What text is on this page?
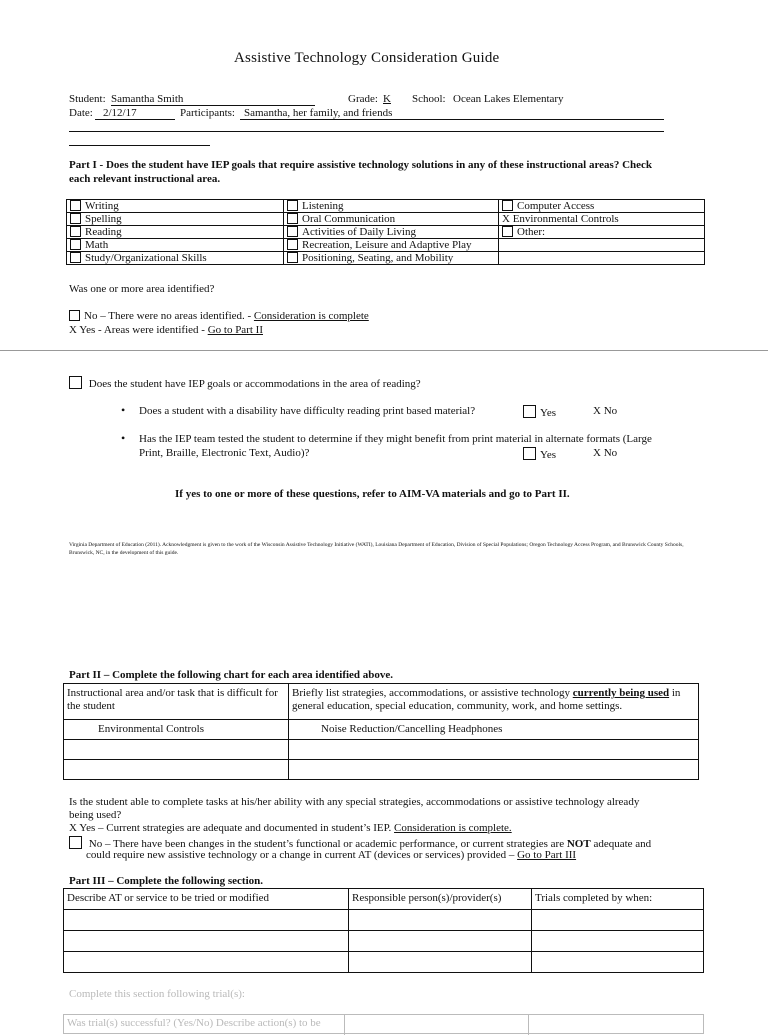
Assistive Technology Consideration Guide
Student: Samantha Smith	Grade: K School: Ocean Lakes Elementary
Date: 2/12/17	Participants: Samantha, her family, and friends
Part I - Does the student have IEP goals that require assistive technology solutions in any of these instructional areas? Check
each relevant instructional area.
Writing	Listening	Computer Access
Spelling	Oral Communication	X Environmental Controls
Reading	Activities of Daily Living	Other:
Math	Recreation, Leisure and Adaptive Play	
Study/Organizational Skills	Positioning, Seating, and Mobility	
Was one or more area identified?
No – There were no areas identified. - Consideration is complete
X Yes - Areas were identified - Go to Part II
Does the student have IEP goals or accommodations in the area of reading?
• Does a student with a disability have difficulty reading print based material?	Yes	X No
• Has the IEP team tested the student to determine if they might benefit from print material in alternate formats (Large
Print, Braille, Electronic Text, Audio)?	Yes	X No
If yes to one or more of these questions, refer to AIM-VA materials and go to Part II.
Virginia Department of Education (2011). Acknowledgment is given to the work of the Wisconsin Assistive Technology Initiative (WATI), Louisiana Department of Education, Division of Special Populations; Oregon Technology Access Program, and Brunswick County Schools, Brunswick, NC, in the development of this guide.
Part II – Complete the following chart for each area identified above.
Instructional area and/or task that is difficult for the student	Briefly list strategies, accommodations, or assistive technology currently being used in general education, special education, community, work, and home settings.
Environmental Controls	Noise Reduction/Cancelling Headphones

Is the student able to complete tasks at his/her ability with any special strategies, accommodations or assistive technology already
being used?
X Yes – Current strategies are adequate and documented in student’s IEP. Consideration is complete.
No – There have been changes in the student’s functional or academic performance, or current strategies are NOT adequate and
could require new assistive technology or a change in current AT (devices or services) provided – Go to Part III
Part III – Complete the following section.
Describe AT or service to be tried or modified	Responsible person(s)/provider(s)	Trials completed by when:

Complete this section following trial(s):
Was trial(s) successful? (Yes/No) Describe action(s) to be
